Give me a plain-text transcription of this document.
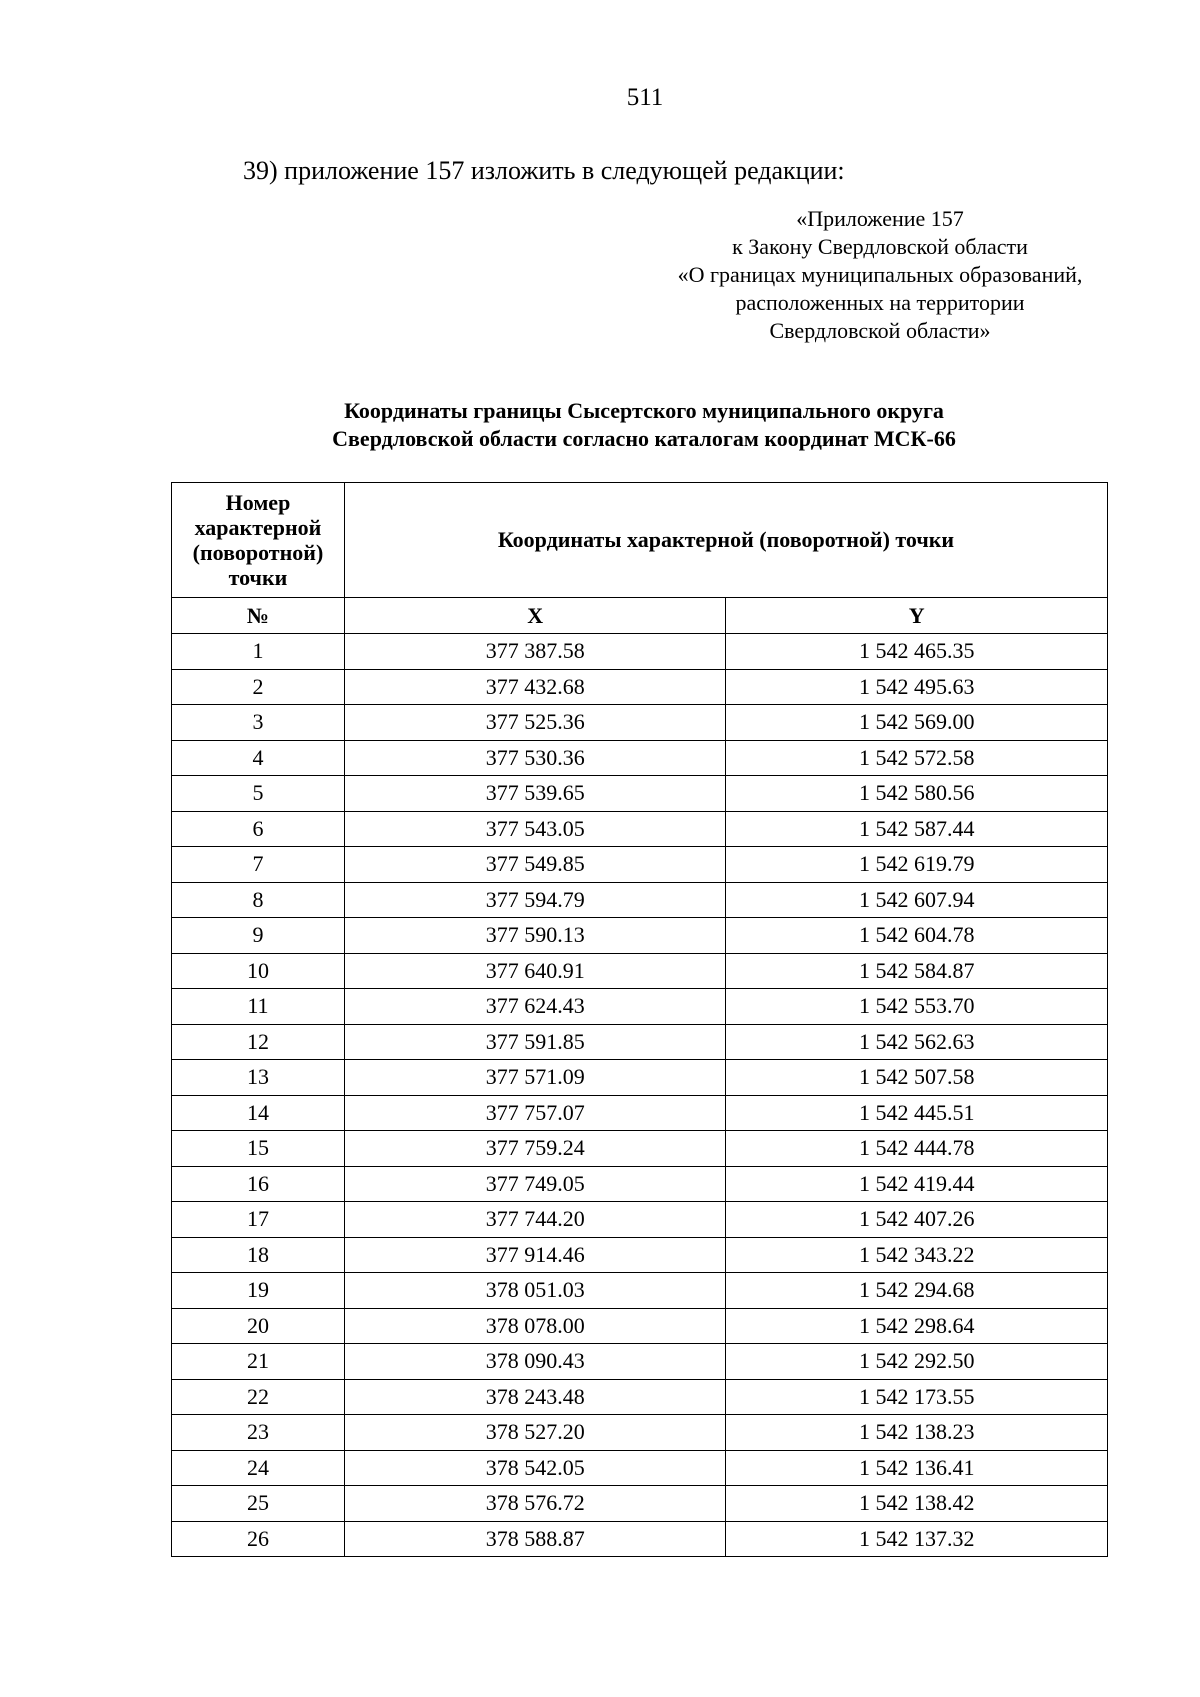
511
39) приложение 157 изложить в следующей редакции:
«Приложение 157
к Закону Свердловской области
«О границах муниципальных образований,
расположенных на территории
Свердловской области»
Координаты границы Сысертского муниципального округа
Свердловской области согласно каталогам координат МСК-66
Номер характерной (поворотной) точки	Координаты характерной (поворотной) точки	
№	X	Y
1	377 387.58	1 542 465.35
2	377 432.68	1 542 495.63
3	377 525.36	1 542 569.00
4	377 530.36	1 542 572.58
5	377 539.65	1 542 580.56
6	377 543.05	1 542 587.44
7	377 549.85	1 542 619.79
8	377 594.79	1 542 607.94
9	377 590.13	1 542 604.78
10	377 640.91	1 542 584.87
11	377 624.43	1 542 553.70
12	377 591.85	1 542 562.63
13	377 571.09	1 542 507.58
14	377 757.07	1 542 445.51
15	377 759.24	1 542 444.78
16	377 749.05	1 542 419.44
17	377 744.20	1 542 407.26
18	377 914.46	1 542 343.22
19	378 051.03	1 542 294.68
20	378 078.00	1 542 298.64
21	378 090.43	1 542 292.50
22	378 243.48	1 542 173.55
23	378 527.20	1 542 138.23
24	378 542.05	1 542 136.41
25	378 576.72	1 542 138.42
26	378 588.87	1 542 137.32
